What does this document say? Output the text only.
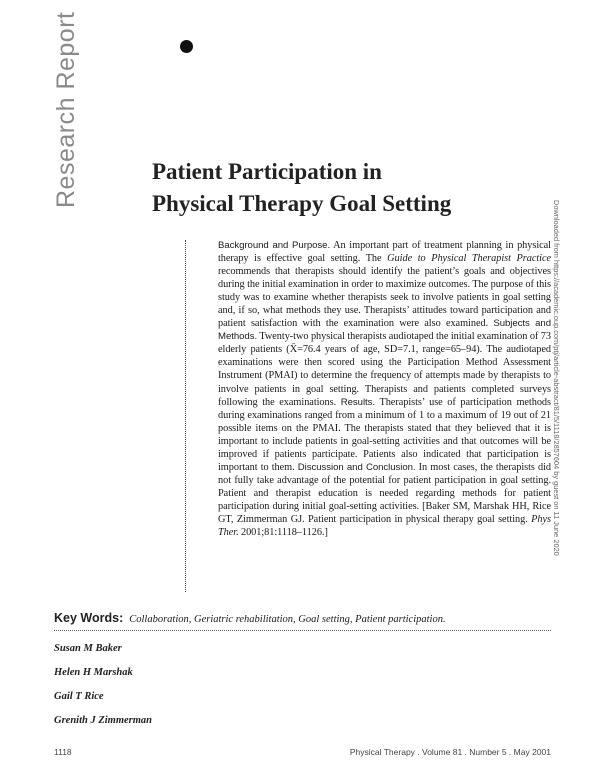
Research Report	Patient Participation in
Physical Therapy Goal Setting	Downloaded from https://academic.oup.com/ptj/article-abstract/81/5/1118/2857604 by guest on 11 June 2020

Background and Purpose. An important part of treatment planning in physical therapy is effective goal setting. The Guide to Physical Therapist Practice recommends that therapists should identify the patient’s goals and objectives during the initial examination in order to maximize outcomes. The purpose of this study was to examine whether therapists seek to involve patients in goal setting and, if so, what methods they use. Therapists’ attitudes toward participation and patient satisfaction with the examination were also examined. Subjects and Methods. Twenty-two physical therapists audiotaped the initial examination of 73 elderly patients (X̄=76.4 years of age, SD=7.1, range=65–94). The audiotaped examinations were then scored using the Participation Method Assessment Instrument (PMAI) to determine the frequency of attempts made by therapists to involve patients in goal setting. Therapists and patients completed surveys following the examinations. Results. Therapists’ use of participation methods during examinations ranged from a minimum of 1 to a maximum of 19 out of 21 possible items on the PMAI. The therapists stated that they believed that it is important to include patients in goal-setting activities and that outcomes will be improved if patients participate. Patients also indicated that participation is important to them. Discussion and Conclusion. In most cases, the therapists did not fully take advantage of the potential for patient participation in goal setting. Patient and therapist education is needed regarding methods for patient participation during initial goal-setting activities. [Baker SM, Marshak HH, Rice GT, Zimmerman GJ. Patient participation in physical therapy goal setting. Phys Ther. 2001;81:1118–1126.]

Key Words: Collaboration, Geriatric rehabilitation, Goal setting, Patient participation.
Susan M Baker
Helen H Marshak
Gail T Rice
Grenith J Zimmerman
1118	Physical Therapy . Volume 81 . Number 5 . May 2001
